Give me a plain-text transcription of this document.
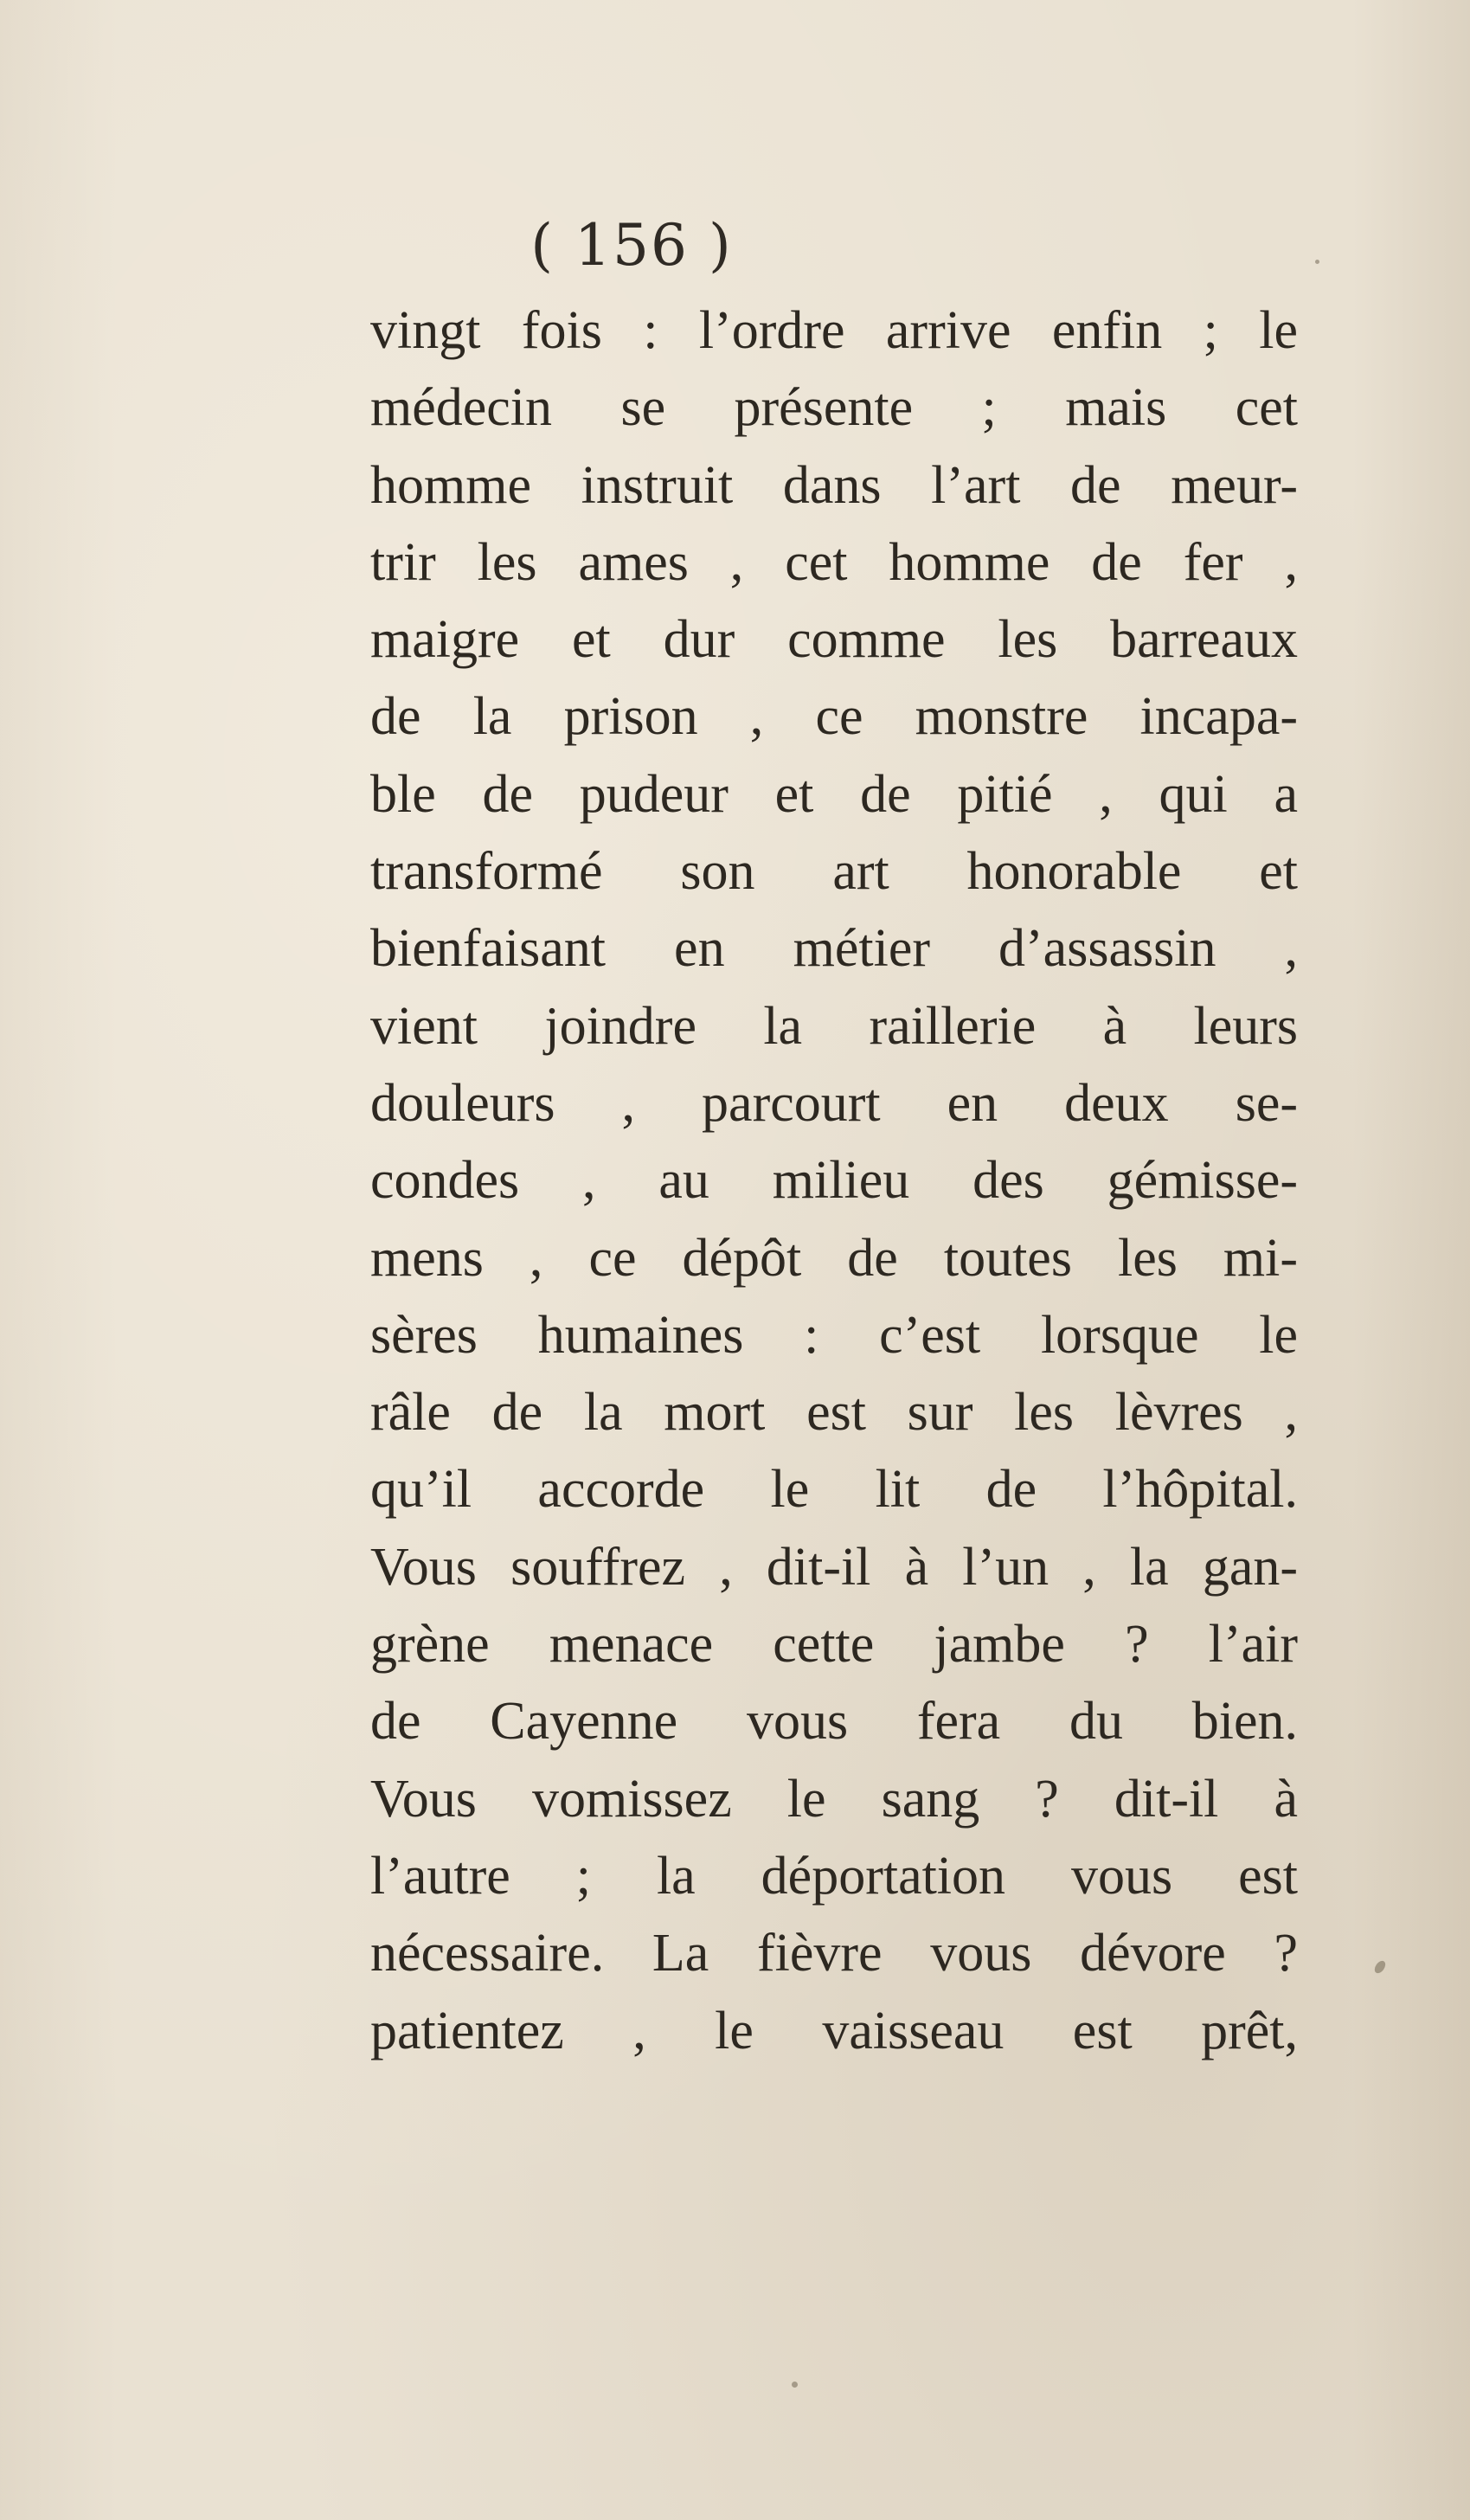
( 156 )
vingt fois : l’ordre arrive enfin ; le
médecin se présente ; mais cet
homme instruit dans l’art de meur-
trir les ames , cet homme de fer ,
maigre et dur comme les barreaux
de la prison , ce monstre incapa-
ble de pudeur et de pitié , qui a
transformé son art honorable et
bienfaisant en métier d’assassin ,
vient joindre la raillerie à leurs
douleurs , parcourt en deux se-
condes , au milieu des gémisse-
mens , ce dépôt de toutes les mi-
sères humaines : c’est lorsque le
râle de la mort est sur les lèvres ,
qu’il accorde le lit de l’hôpital.
Vous souffrez , dit-il à l’un , la gan-
grène menace cette jambe ? l’air
de Cayenne vous fera du bien.
Vous vomissez le sang ? dit-il à
l’autre ; la déportation vous est
nécessaire. La fièvre vous dévore ?
patientez , le vaisseau est prêt,
